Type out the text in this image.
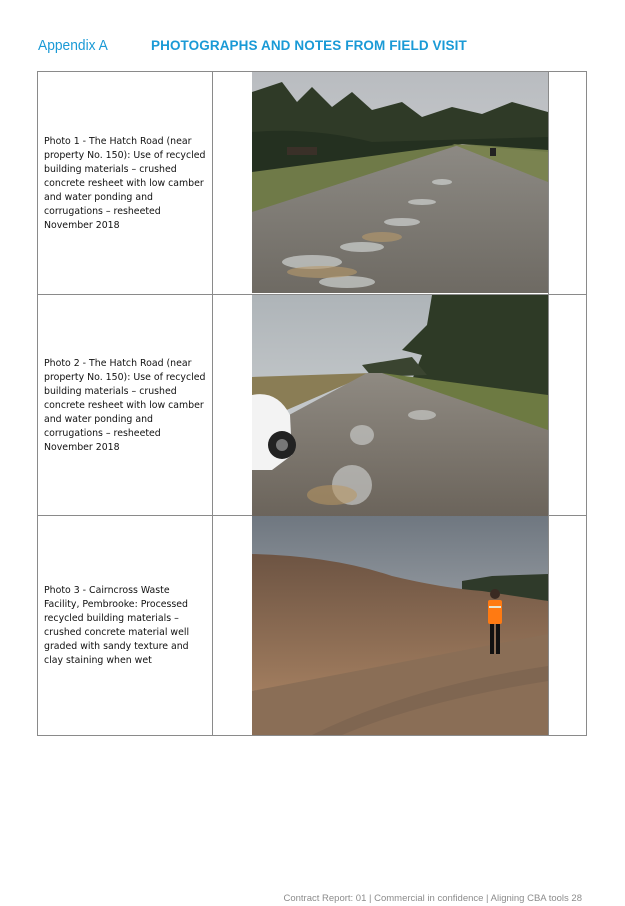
Appendix A	PHOTOGRAPHS AND NOTES FROM FIELD VISIT
Photo 1 - The Hatch Road (near
property No. 150): Use of recycled
building materials – crushed
concrete resheet with low camber
and water ponding and
corrugations – resheeted
November 2018
Photo 2 - The Hatch Road (near
property No. 150): Use of recycled
building materials – crushed
concrete resheet with low camber
and water ponding and
corrugations – resheeted
November 2018
Photo 3 - Cairncross Waste
Facility, Pembrooke: Processed
recycled building materials –
crushed concrete material well
graded with sandy texture and
clay staining when wet
Contract Report: 01 | Commercial in confidence | Aligning CBA tools 28
